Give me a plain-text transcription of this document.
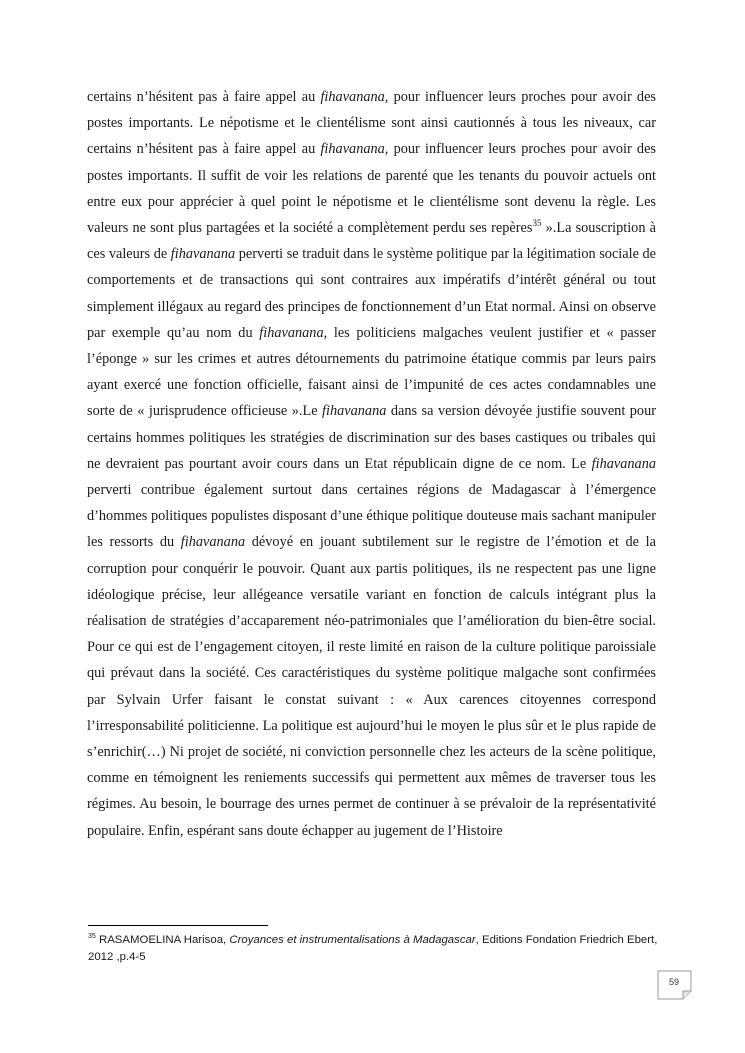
certains n’hésitent pas à faire appel au fihavanana, pour influencer leurs proches pour avoir des postes importants. Le népotisme et le clientélisme sont ainsi cautionnés à tous les niveaux, car certains n’hésitent pas à faire appel au fihavanana, pour influencer leurs proches pour avoir des postes importants. Il suffit de voir les relations de parenté que les tenants du pouvoir actuels ont entre eux pour apprécier à quel point le népotisme et le clientélisme sont devenu la règle. Les valeurs ne sont plus partagées et la société a complètement perdu ses repères$^{35}$ ».La souscription à ces valeurs de fihavanana perverti se traduit dans le système politique par la légitimation sociale de comportements et de transactions qui sont contraires aux impératifs d’intérêt général ou tout simplement illégaux au regard des principes de fonctionnement d’un Etat normal. Ainsi on observe par exemple qu’au nom du fihavanana, les politiciens malgaches veulent justifier et « passer l’éponge » sur les crimes et autres détournements du patrimoine étatique commis par leurs pairs ayant exercé une fonction officielle, faisant ainsi de l’impunité de ces actes condamnables une sorte de « jurisprudence officieuse ».Le fihavanana dans sa version dévoyée justifie souvent pour certains hommes politiques les stratégies de discrimination sur des bases castiques ou tribales qui ne devraient pas pourtant avoir cours dans un Etat républicain digne de ce nom. Le fihavanana perverti contribue également surtout dans certaines régions de Madagascar à l’émergence d’hommes politiques populistes disposant d’une éthique politique douteuse mais sachant manipuler les ressorts du fihavanana dévoyé en jouant subtilement sur le registre de l’émotion et de la corruption pour conquérir le pouvoir. Quant aux partis politiques, ils ne respectent pas une ligne idéologique précise, leur allégeance versatile variant en fonction de calculs intégrant plus la réalisation de stratégies d’accaparement néo-patrimoniales que l’amélioration du bien-être social. Pour ce qui est de l’engagement citoyen, il reste limité en raison de la culture politique paroissiale qui prévaut dans la société. Ces caractéristiques du système politique malgache sont confirmées par Sylvain Urfer faisant le constat suivant : « Aux carences citoyennes correspond l’irresponsabilité politicienne. La politique est aujourd’hui le moyen le plus sûr et le plus rapide de s’enrichir(…) Ni projet de société, ni conviction personnelle chez les acteurs de la scène politique, comme en témoignent les reniements successifs qui permettent aux mêmes de traverser tous les régimes. Au besoin, le bourrage des urnes permet de continuer à se prévaloir de la représentativité populaire. Enfin, espérant sans doute échapper au jugement de l’Histoire

$^{35}$ RASAMOELINA Harisoa, Croyances et instrumentalisations à Madagascar, Editions Fondation Friedrich Ebert, 2012 ,p.4-5

59
